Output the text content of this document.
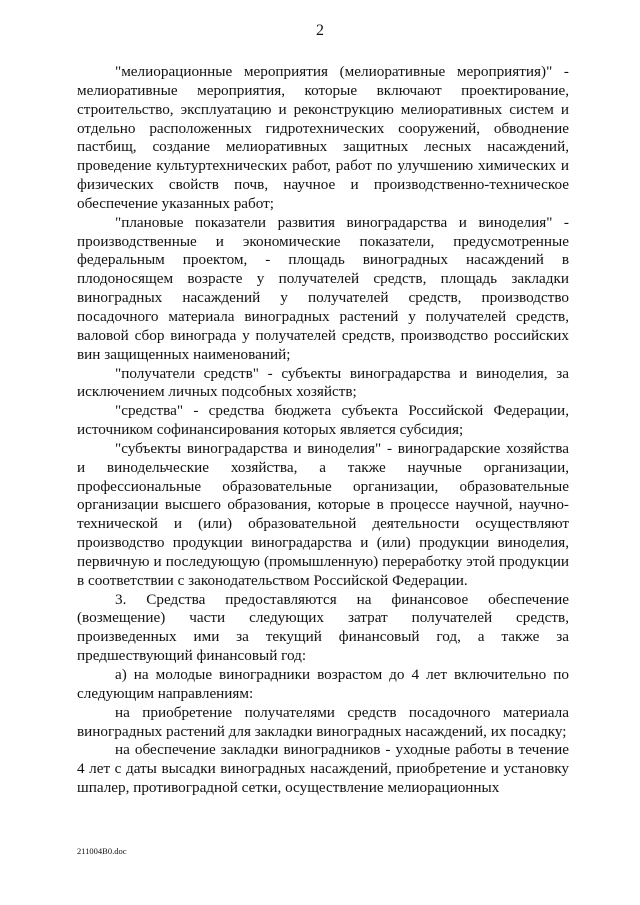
2

"мелиорационные мероприятия (мелиоративные мероприятия)" - мелиоративные мероприятия, которые включают проектирование, строительство, эксплуатацию и реконструкцию мелиоративных систем и отдельно расположенных гидротехнических сооружений, обводнение пастбищ, создание мелиоративных защитных лесных насаждений, проведение культуртехнических работ, работ по улучшению химических и физических свойств почв, научное и производственно-техническое обеспечение указанных работ;

"плановые показатели развития виноградарства и виноделия" - производственные и экономические показатели, предусмотренные федеральным проектом, - площадь виноградных насаждений в плодоносящем возрасте у получателей средств, площадь закладки виноградных насаждений у получателей средств, производство посадочного материала виноградных растений у получателей средств, валовой сбор винограда у получателей средств, производство российских вин защищенных наименований;

"получатели средств" - субъекты виноградарства и виноделия, за исключением личных подсобных хозяйств;

"средства" - средства бюджета субъекта Российской Федерации, источником софинансирования которых является субсидия;

"субъекты виноградарства и виноделия" - виноградарские хозяйства и винодельческие хозяйства, а также научные организации, профессиональные образовательные организации, образовательные организации высшего образования, которые в процессе научной, научно-технической и (или) образовательной деятельности осуществляют производство продукции виноградарства и (или) продукции виноделия, первичную и последующую (промышленную) переработку этой продукции в соответствии с законодательством Российской Федерации.

3. Средства предоставляются на финансовое обеспечение (возмещение) части следующих затрат получателей средств, произведенных ими за текущий финансовый год, а также за предшествующий финансовый год:

а) на молодые виноградники возрастом до 4 лет включительно по следующим направлениям:

на приобретение получателями средств посадочного материала виноградных растений для закладки виноградных насаждений, их посадку;

на обеспечение закладки виноградников - уходные работы в течение 4 лет с даты высадки виноградных насаждений, приобретение и установку шпалер, противоградной сетки, осуществление мелиорационных

211004В0.doc
